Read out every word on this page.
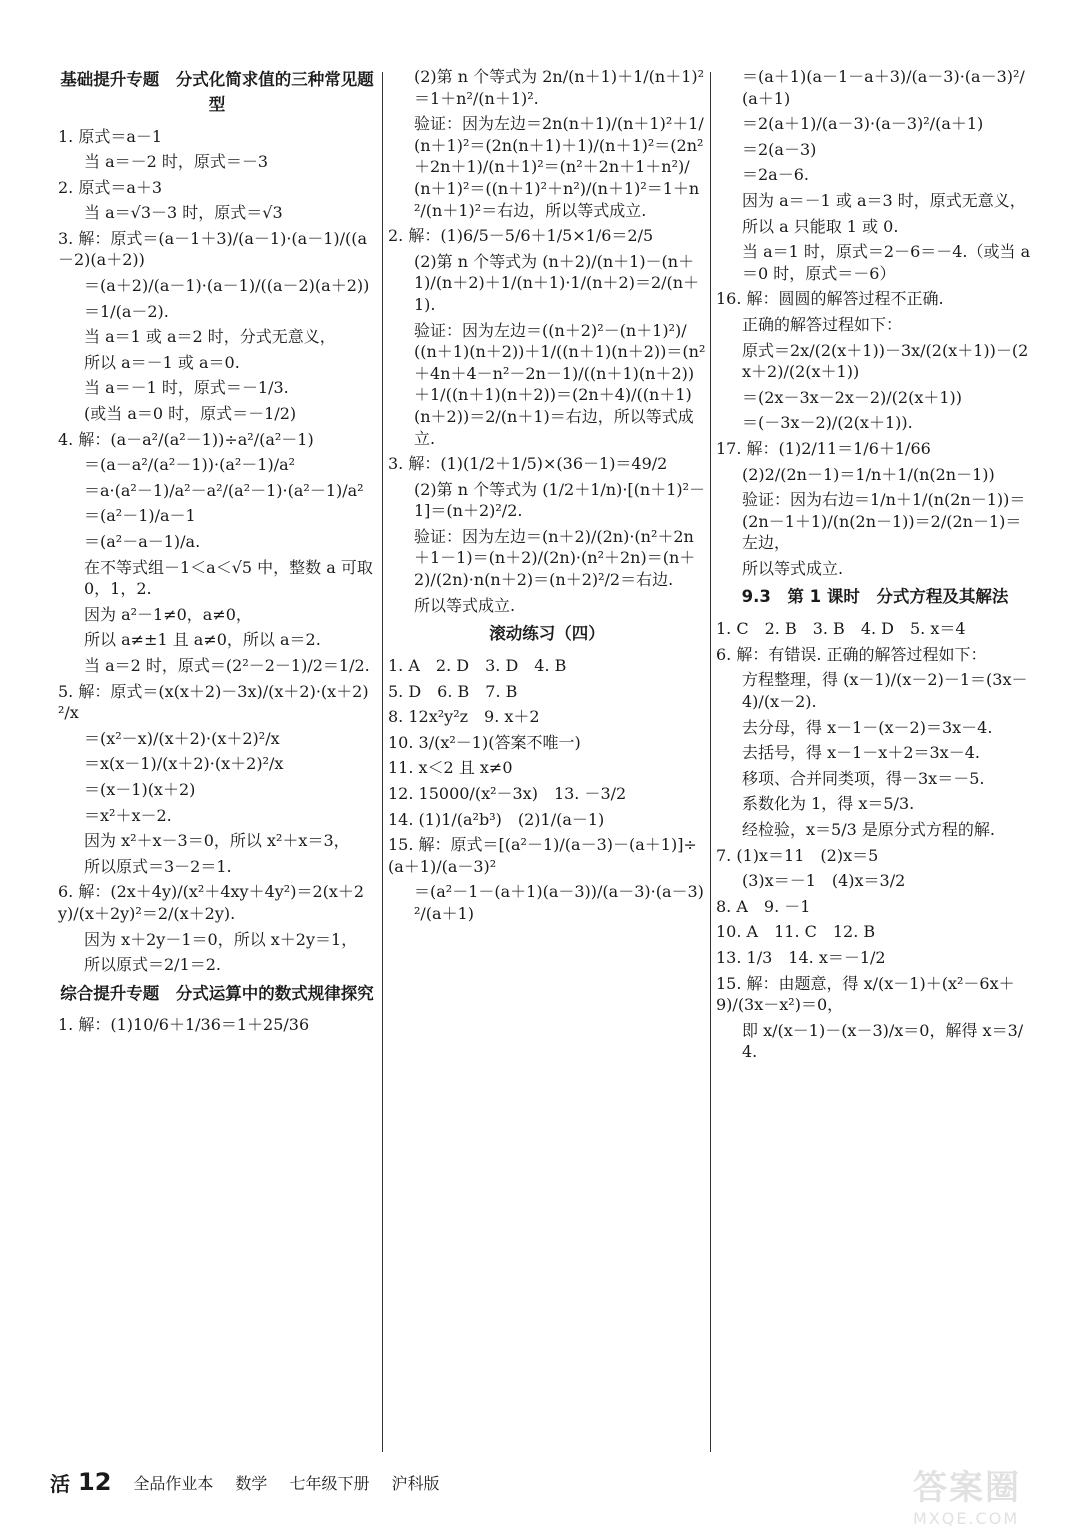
基础提升专题　分式化简求值的三种常见题型
1. 原式＝a－1
当 a＝－2 时，原式＝－3
2. 原式＝a＋3
当 a＝√3－3 时，原式＝√3
3. 解：原式＝(a－1＋3)/(a－1)·(a－1)/((a－2)(a＋2))
＝(a＋2)/(a－1)·(a－1)/((a－2)(a＋2))
＝1/(a－2).
当 a＝1 或 a＝2 时，分式无意义，
所以 a＝－1 或 a＝0.
当 a＝－1 时，原式＝－1/3.
(或当 a＝0 时，原式＝－1/2)
4. 解：(a－a²/(a²－1))÷a²/(a²－1)
＝(a－a²/(a²－1))·(a²－1)/a²
＝a·(a²－1)/a²－a²/(a²－1)·(a²－1)/a²
＝(a²－1)/a－1
＝(a²－a－1)/a.
在不等式组－1＜a＜√5 中，整数 a 可取 0，1，2.
因为 a²－1≠0，a≠0，
所以 a≠±1 且 a≠0，所以 a＝2.
当 a＝2 时，原式＝(2²－2－1)/2＝1/2.
5. 解：原式＝(x(x＋2)－3x)/(x＋2)·(x＋2)²/x
＝(x²－x)/(x＋2)·(x＋2)²/x
＝x(x－1)/(x＋2)·(x＋2)²/x
＝(x－1)(x＋2)
＝x²＋x－2.
因为 x²＋x－3＝0，所以 x²＋x＝3，
所以原式＝3－2＝1.
6. 解：(2x＋4y)/(x²＋4xy＋4y²)＝2(x＋2y)/(x＋2y)²＝2/(x＋2y).
因为 x＋2y－1＝0，所以 x＋2y＝1，
所以原式＝2/1＝2.
综合提升专题　分式运算中的数式规律探究
1. 解：(1)10/6＋1/36＝1＋25/36
(2)第 n 个等式为 2n/(n＋1)＋1/(n＋1)²＝1＋n²/(n＋1)².
验证：因为左边＝2n(n＋1)/(n＋1)²＋1/(n＋1)²＝(2n(n＋1)＋1)/(n＋1)²＝(2n²＋2n＋1)/(n＋1)²＝(n²＋2n＋1＋n²)/(n＋1)²＝((n＋1)²＋n²)/(n＋1)²＝1＋n²/(n＋1)²＝右边，所以等式成立.
2. 解：(1)6/5－5/6＋1/5×1/6＝2/5
(2)第 n 个等式为 (n＋2)/(n＋1)－(n＋1)/(n＋2)＋1/(n＋1)·1/(n＋2)＝2/(n＋1).
验证：因为左边＝((n＋2)²－(n＋1)²)/((n＋1)(n＋2))＋1/((n＋1)(n＋2))＝(n²＋4n＋4－n²－2n－1)/((n＋1)(n＋2))＋1/((n＋1)(n＋2))＝(2n＋4)/((n＋1)(n＋2))＝2/(n＋1)＝右边，所以等式成立.
3. 解：(1)(1/2＋1/5)×(36－1)＝49/2
(2)第 n 个等式为 (1/2＋1/n)·[(n＋1)²－1]＝(n＋2)²/2.
验证：因为左边＝(n＋2)/(2n)·(n²＋2n＋1－1)＝(n＋2)/(2n)·(n²＋2n)＝(n＋2)/(2n)·n(n＋2)＝(n＋2)²/2＝右边.
所以等式成立.
滚动练习（四）
1. A　2. D　3. D　4. B
5. D　6. B　7. B
8. 12x²y²z　9. x＋2
10. 3/(x²－1)(答案不唯一)
11. x＜2 且 x≠0
12. 15000/(x²－3x)　13. －3/2
14. (1)1/(a²b³)　(2)1/(a－1)
15. 解：原式＝[(a²－1)/(a－3)－(a＋1)]÷(a＋1)/(a－3)²
＝(a²－1－(a＋1)(a－3))/(a－3)·(a－3)²/(a＋1)
＝(a＋1)(a－1－a＋3)/(a－3)·(a－3)²/(a＋1)
＝2(a＋1)/(a－3)·(a－3)²/(a＋1)
＝2(a－3)
＝2a－6.
因为 a＝－1 或 a＝3 时，原式无意义，
所以 a 只能取 1 或 0.
当 a＝1 时，原式＝2－6＝－4.（或当 a＝0 时，原式＝－6）
16. 解：圆圆的解答过程不正确.
正确的解答过程如下：
原式＝2x/(2(x＋1))－3x/(2(x＋1))－(2x＋2)/(2(x＋1))
＝(2x－3x－2x－2)/(2(x＋1))
＝(－3x－2)/(2(x＋1)).
17. 解：(1)2/11＝1/6＋1/66
(2)2/(2n－1)＝1/n＋1/(n(2n－1))
验证：因为右边＝1/n＋1/(n(2n－1))＝(2n－1＋1)/(n(2n－1))＝2/(2n－1)＝左边，
所以等式成立.
9.3　第 1 课时　分式方程及其解法
1. C　2. B　3. B　4. D　5. x＝4
6. 解：有错误. 正确的解答过程如下：
方程整理，得 (x－1)/(x－2)－1＝(3x－4)/(x－2).
去分母，得 x－1－(x－2)＝3x－4.
去括号，得 x－1－x＋2＝3x－4.
移项、合并同类项，得－3x＝－5.
系数化为 1，得 x＝5/3.
经检验，x＝5/3 是原分式方程的解.
7. (1)x＝11　(2)x＝5
(3)x＝－1　(4)x＝3/2
8. A　9. －1
10. A　11. C　12. B
13. 1/3　14. x＝－1/2
15. 解：由题意，得 x/(x－1)＋(x²－6x＋9)/(3x－x²)＝0，
即 x/(x－1)－(x－3)/x＝0，解得 x＝3/4.
活 12 全品作业本 数学 七年级下册 沪科版	答案圈
MXQE.COM
